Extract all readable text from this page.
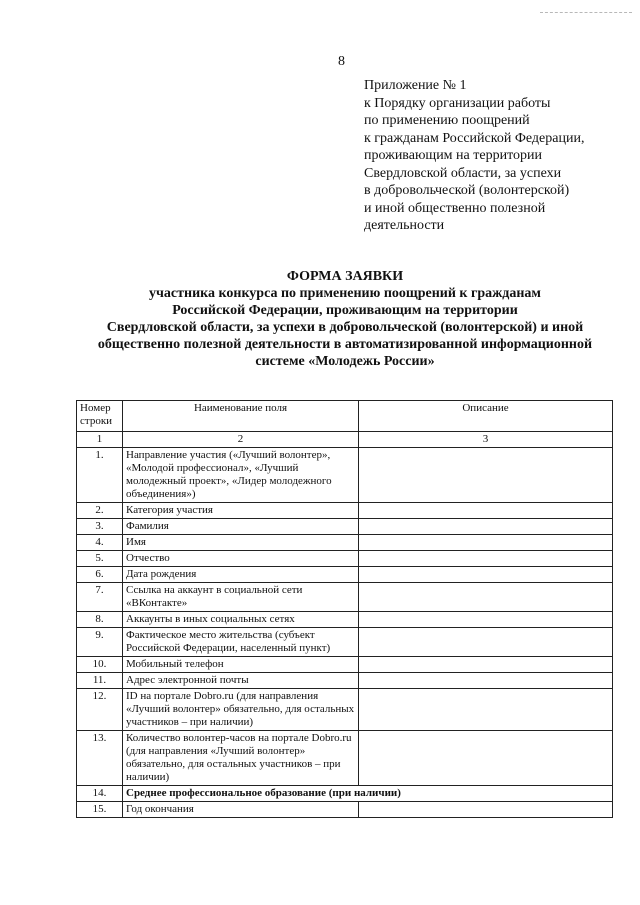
8
Приложение № 1
к Порядку организации работы
по применению поощрений
к гражданам Российской Федерации,
проживающим на территории
Свердловской области, за успехи
в добровольческой (волонтерской)
и иной общественно полезной
деятельности
ФОРМА ЗАЯВКИ
участника конкурса по применению поощрений к гражданам
Российской Федерации, проживающим на территории
Свердловской области, за успехи в добровольческой (волонтерской) и иной
общественно полезной деятельности в автоматизированной информационной
системе «Молодежь России»
Номер строки	Наименование поля	Описание
1	2	3
1.	Направление участия («Лучший волонтер», «Молодой профессионал», «Лучший молодежный проект», «Лидер молодежного объединения»)	
2.	Категория участия	
3.	Фамилия	
4.	Имя	
5.	Отчество	
6.	Дата рождения	
7.	Ссылка на аккаунт в социальной сети «ВКонтакте»	
8.	Аккаунты в иных социальных сетях	
9.	Фактическое место жительства (субъект Российской Федерации, населенный пункт)	
10.	Мобильный телефон	
11.	Адрес электронной почты	
12.	ID на портале Dobro.ru (для направления «Лучший волонтер» обязательно, для остальных участников – при наличии)	
13.	Количество волонтер-часов на портале Dobro.ru (для направления «Лучший волонтер» обязательно, для остальных участников – при наличии)	
14.	Среднее профессиональное образование (при наличии)	
15.	Год окончания	
